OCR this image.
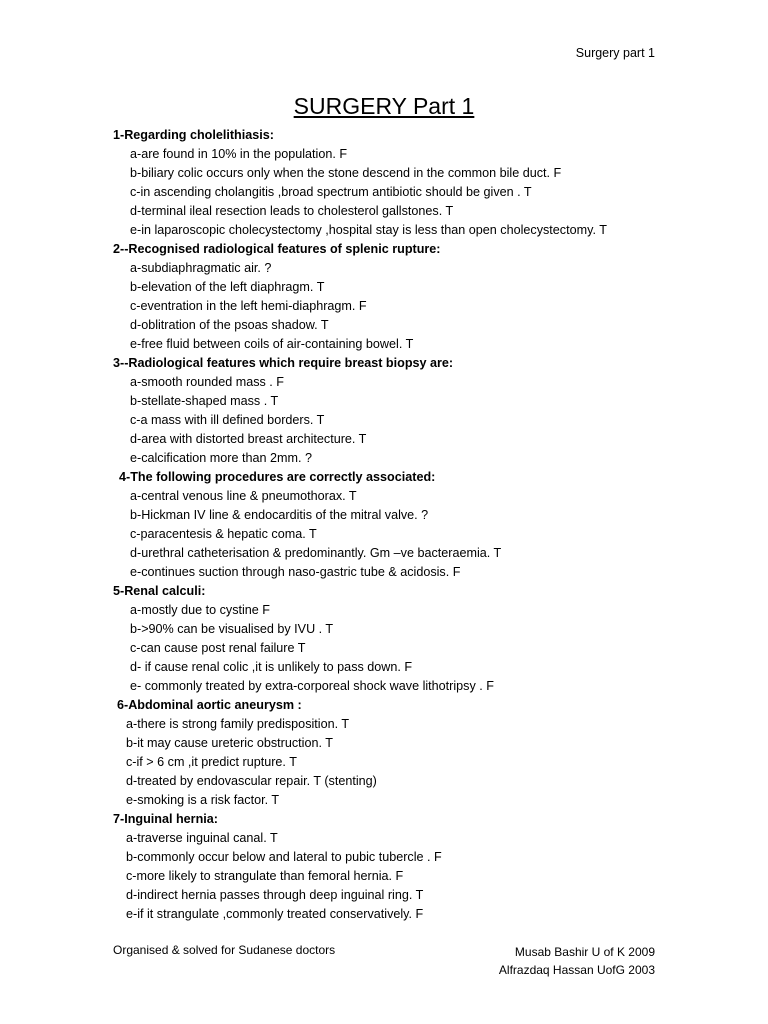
Surgery part 1
SURGERY Part 1
1-Regarding cholelithiasis:
a-are found in 10% in the population. F
b-biliary colic occurs only when the stone descend in the common bile duct. F
c-in ascending cholangitis ,broad spectrum antibiotic should be given . T
d-terminal ileal resection leads to cholesterol gallstones. T
e-in laparoscopic cholecystectomy ,hospital stay is less than open cholecystectomy. T
2--Recognised radiological features of splenic rupture:
a-subdiaphragmatic air. ?
b-elevation of the left diaphragm. T
c-eventration in the left hemi-diaphragm. F
d-oblitration of the psoas shadow. T
e-free fluid between coils of air-containing bowel. T
3--Radiological features which require breast biopsy are:
a-smooth rounded mass . F
b-stellate-shaped mass . T
c-a mass with ill defined borders. T
d-area with distorted breast architecture. T
e-calcification more than 2mm. ?
4-The following procedures are correctly associated:
a-central venous line & pneumothorax. T
b-Hickman IV line & endocarditis of the mitral valve. ?
c-paracentesis & hepatic coma. T
d-urethral catheterisation & predominantly. Gm –ve bacteraemia. T
e-continues suction through naso-gastric tube & acidosis. F
5-Renal calculi:
a-mostly due to cystine F
b->90% can be visualised by IVU . T
c-can cause post renal failure T
d- if cause renal colic ,it is unlikely to pass down. F
e- commonly treated by extra-corporeal shock wave lithotripsy . F
6-Abdominal aortic aneurysm :
a-there is strong family predisposition. T
b-it may cause ureteric obstruction. T
c-if > 6 cm ,it predict rupture. T
d-treated by endovascular repair. T (stenting)
e-smoking is a risk factor. T
7-Inguinal hernia:
a-traverse inguinal canal. T
b-commonly occur below and lateral to pubic tubercle . F
c-more likely to strangulate than femoral hernia. F
d-indirect hernia passes through deep inguinal ring. T
e-if it strangulate ,commonly treated conservatively. F
Organised & solved for Sudanese doctors	Musab Bashir U of K 2009
Alfrazdaq Hassan UofG 2003
